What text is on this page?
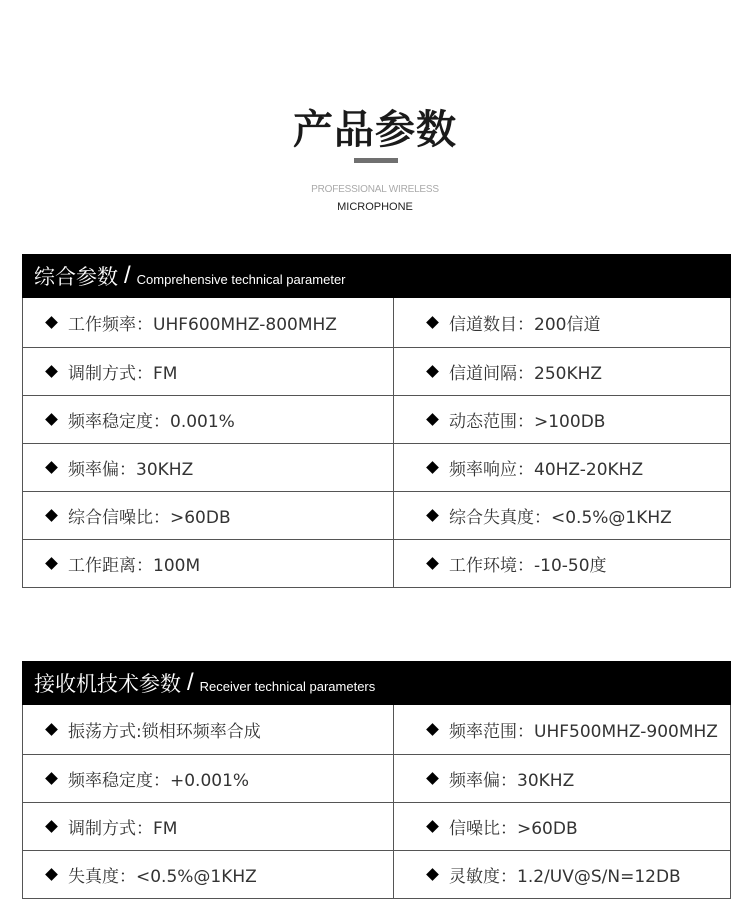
产品参数
PROFESSIONAL WIRELESS
MICROPHONE
综合参数 / Comprehensive technical parameter
工作频率：UHF600MHZ-800MHZ	信道数目：200信道
调制方式：FM	信道间隔：250KHZ
频率稳定度：0.001%	动态范围：>100DB
频率偏：30KHZ	频率响应：40HZ-20KHZ
综合信噪比：>60DB	综合失真度：<0.5%@1KHZ
工作距离：100M	工作环境：-10-50度
接收机技术参数 / Receiver technical parameters
振荡方式:锁相环频率合成	频率范围：UHF500MHZ-900MHZ
频率稳定度：+0.001%	频率偏：30KHZ
调制方式：FM	信噪比：>60DB
失真度：<0.5%@1KHZ	灵敏度：1.2/UV@S/N=12DB
